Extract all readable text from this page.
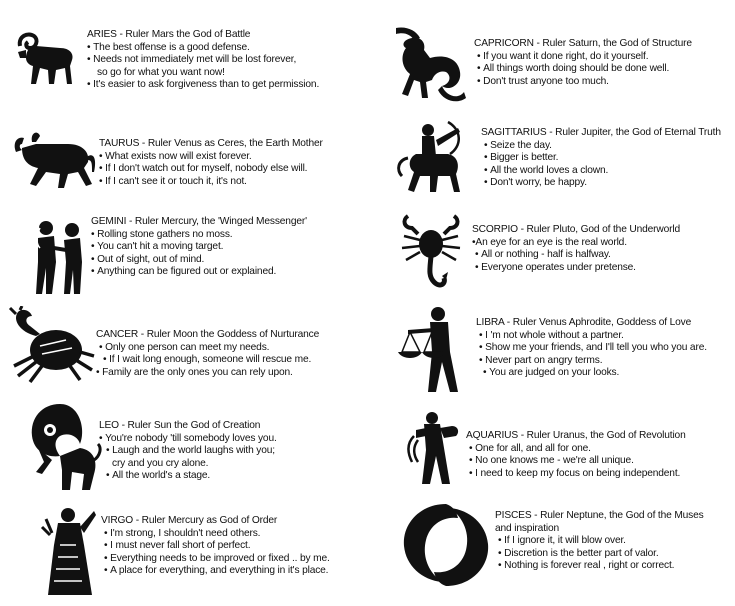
ARIES - Ruler Mars the God of Battle
• The best offense is a good defense.
• Needs not immediately met will be lost forever,
so go for what you want now!
• It's easier to ask forgiveness than to get permission.
TAURUS - Ruler Venus as Ceres, the Earth Mother
• What exists now will exist forever.
• If I don't watch out for myself, nobody else will.
• If I can't see it or touch it, it's not.
GEMINI - Ruler Mercury, the 'Winged Messenger'
• Rolling stone gathers no moss.
• You can't hit a moving target.
• Out of sight, out of mind.
• Anything can be figured out or explained.
CANCER - Ruler Moon the Goddess of Nurturance
• Only one person can meet my needs.
• If I wait long enough, someone will rescue me.
• Family are the only ones you can rely upon.
LEO - Ruler Sun the God of Creation
• You're nobody 'till somebody loves you.
• Laugh and the world laughs with you;
cry and you cry alone.
• All the world's a stage.
VIRGO - Ruler Mercury as God of Order
• I'm strong, I shouldn't need others.
• I must never fall short of perfect.
• Everything needs to be improved or fixed .. by me.
• A place for everything, and everything in it's place.
CAPRICORN - Ruler Saturn, the God of Structure
• If you want it done right, do it yourself.
• All things worth doing should be done well.
• Don't trust anyone too much.
SAGITTARIUS - Ruler Jupiter, the God of Eternal Truth
• Seize the day.
• Bigger is better.
• All the world loves a clown.
• Don't worry, be happy.
SCORPIO - Ruler Pluto, God of the Underworld
•An eye for an eye is the real world.
• All or nothing - half is halfway.
• Everyone operates under pretense.
LIBRA - Ruler Venus Aphrodite, Goddess of Love
• I 'm not whole without a partner.
• Show me your friends, and I'll tell you who you are.
• Never part on angry terms.
• You are judged on your looks.
AQUARIUS - Ruler Uranus, the God of Revolution
• One for all, and all for one.
• No one knows me - we're all unique.
• I need to keep my focus on being independent.
PISCES - Ruler Neptune, the God of the Muses
and inspiration
• If I ignore it, it will blow over.
• Discretion is the better part of valor.
• Nothing is forever real , right or correct.
